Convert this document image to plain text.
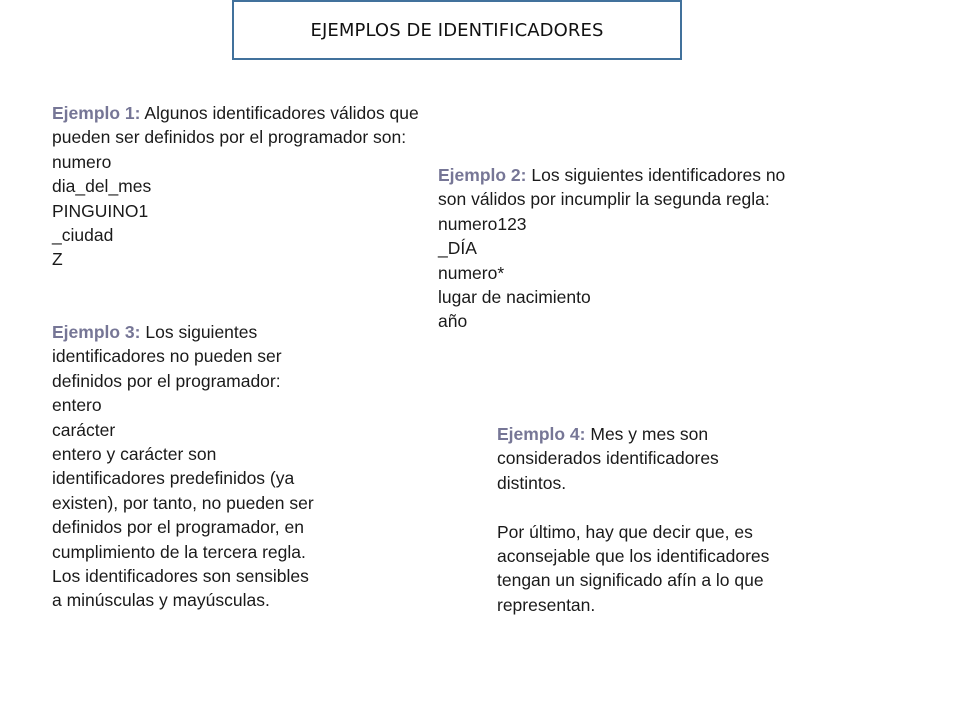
EJEMPLOS DE IDENTIFICADORES
Ejemplo 1: Algunos identificadores válidos que
pueden ser definidos por el programador son:
numero
dia_del_mes
PINGUINO1
_ciudad
Z
Ejemplo 2: Los siguientes identificadores no
son válidos por incumplir la segunda regla:
numero123
_DÍA
numero*
lugar de nacimiento
año
Ejemplo 3: Los siguientes
identificadores no pueden ser
definidos por el programador:
entero
carácter
entero y carácter son
identificadores predefinidos (ya
existen), por tanto, no pueden ser
definidos por el programador, en
cumplimiento de la tercera regla.
Los identificadores son sensibles
a minúsculas y mayúsculas.
Ejemplo 4: Mes y mes son
considerados identificadores
distintos.
Por último, hay que decir que, es
aconsejable que los identificadores
tengan un significado afín a lo que
representan.
